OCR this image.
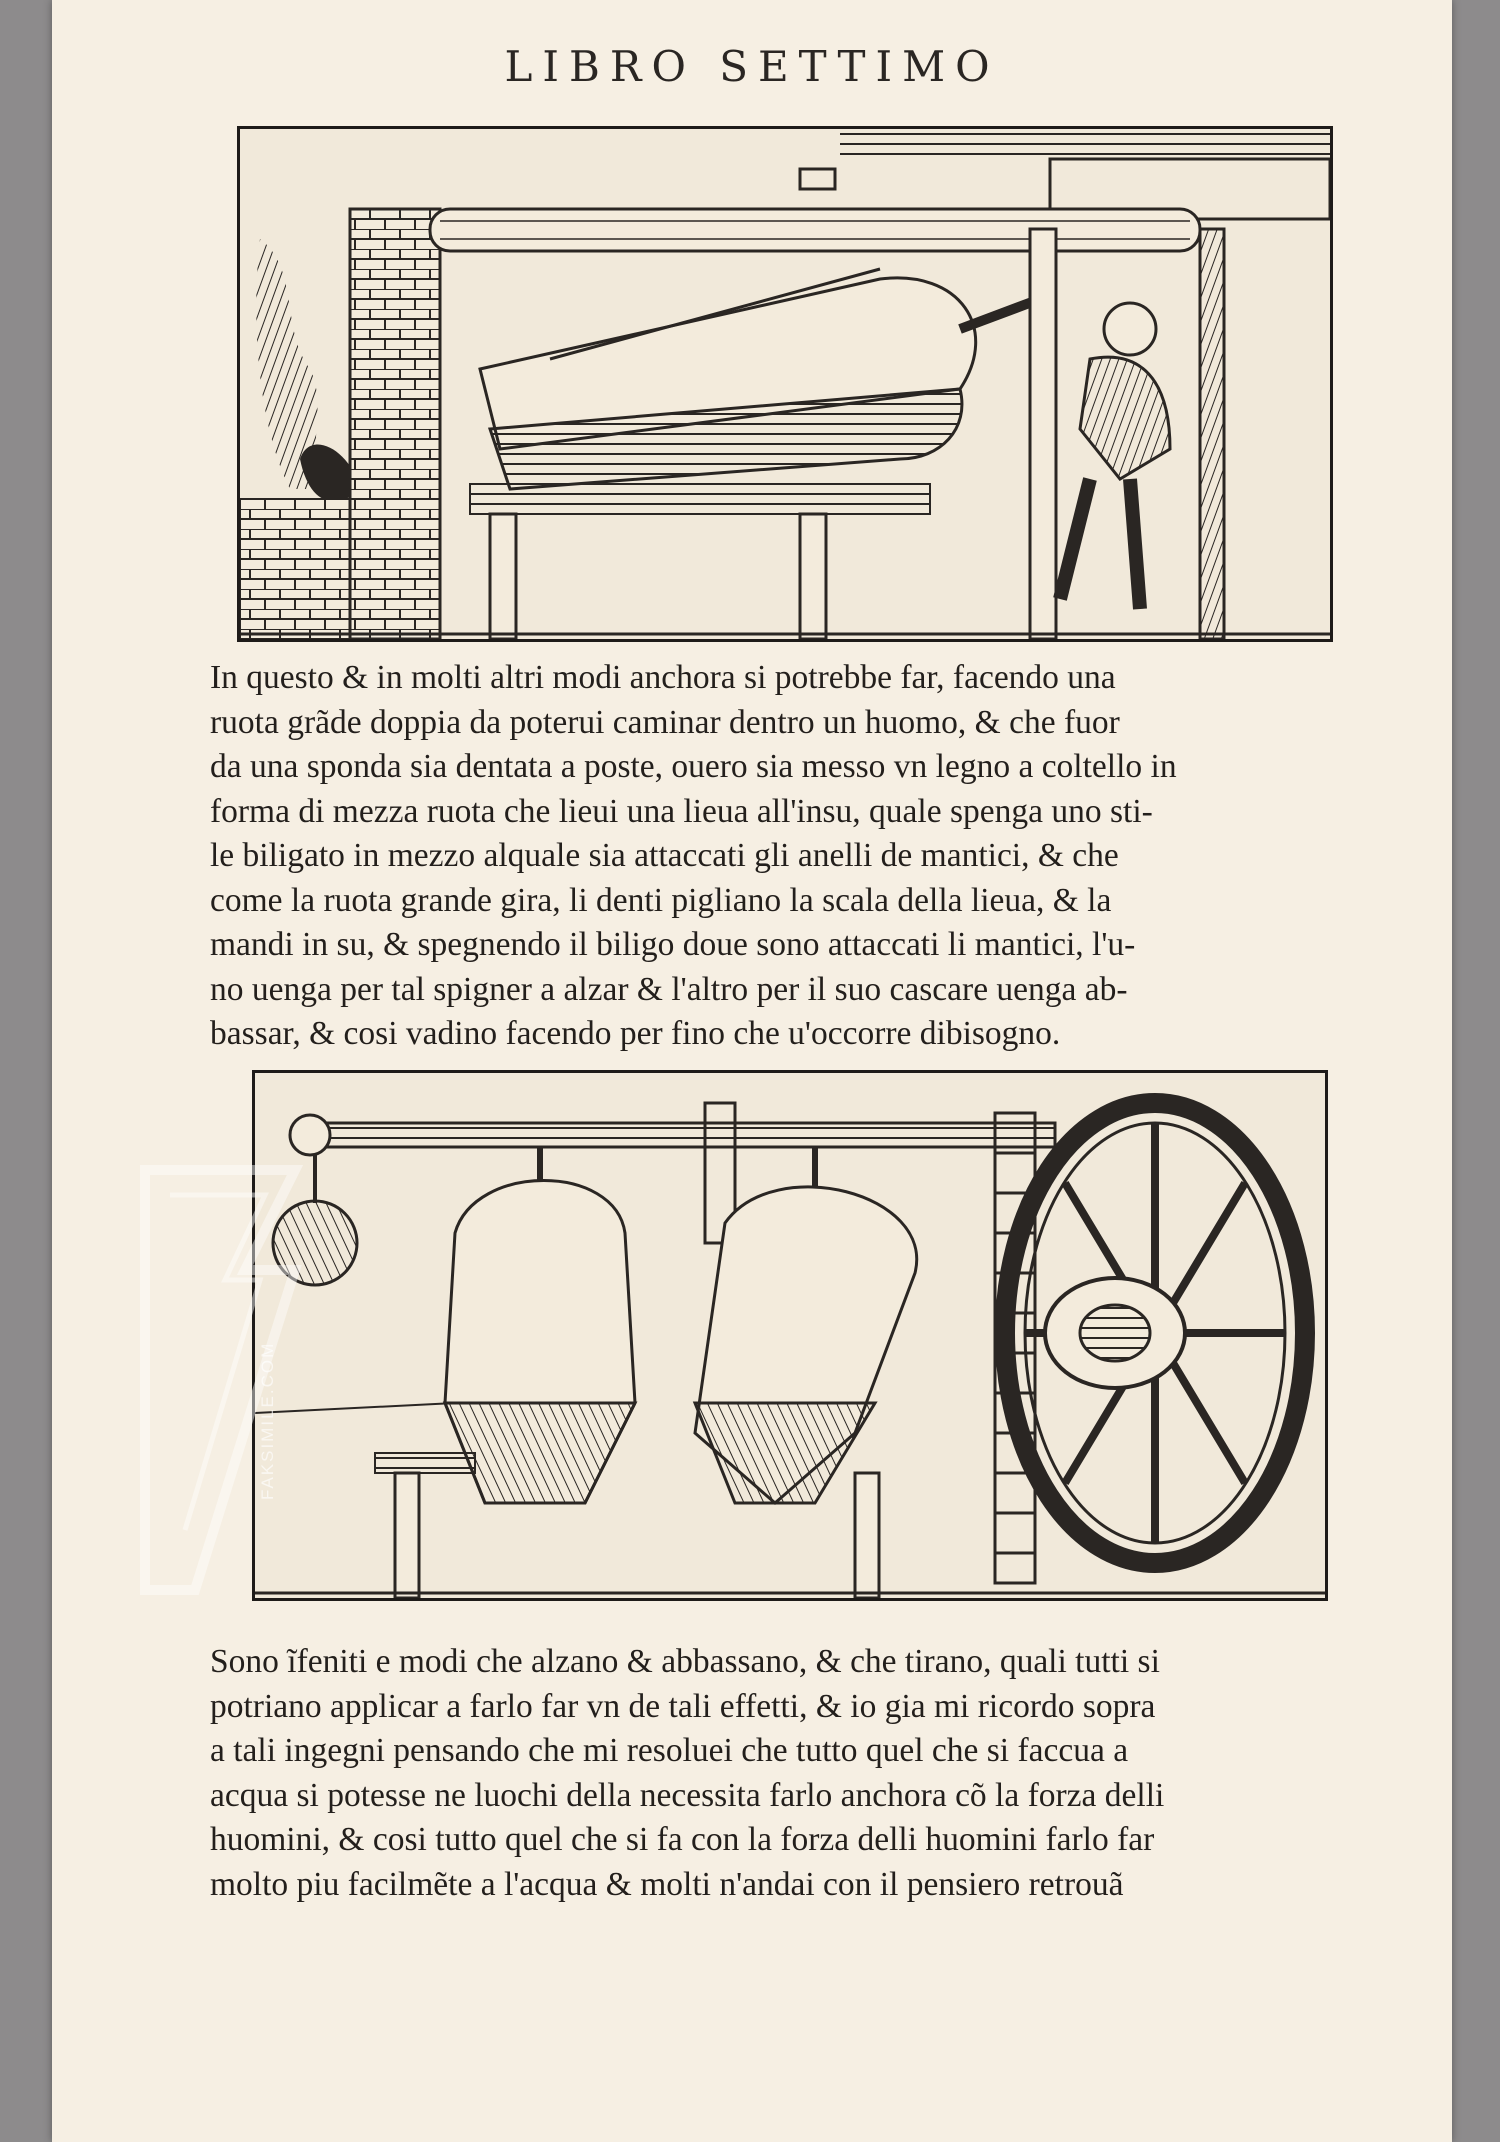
LIBRO SETTIMO
In questo & in molti altri modi anchora si potrebbe far, facendo una
ruota grãde doppia da poterui caminar dentro un huomo, & che fuor
da una sponda sia dentata a poste, ouero sia messo vn legno a coltello in
forma di mezza ruota che lieui una lieua all'insu, quale spenga uno sti-
le biligato in mezzo alquale sia attaccati gli anelli de mantici, & che
come la ruota grande gira, li denti pigliano la scala della lieua, & la
mandi in su, & spegnendo il biligo doue sono attaccati li mantici, l'u-
no uenga per tal spigner a alzar & l'altro per il suo cascare uenga ab-
bassar, & cosi vadino facendo per fino che u'occorre dibisogno.
Sono ĩfeniti e modi che alzano & abbassano, & che tirano, quali tutti si
potriano applicar a farlo far vn de tali effetti, & io gia mi ricordo sopra
a tali ingegni pensando che mi resoluei che tutto quel che si faccua a
acqua si potesse ne luochi della necessita farlo anchora cõ la forza delli
huomini, & cosi tutto quel che si fa con la forza delli huomini farlo far
molto piu facilmẽte a l'acqua & molti n'andai con il pensiero retrouã
FAKSIMILE.COM
